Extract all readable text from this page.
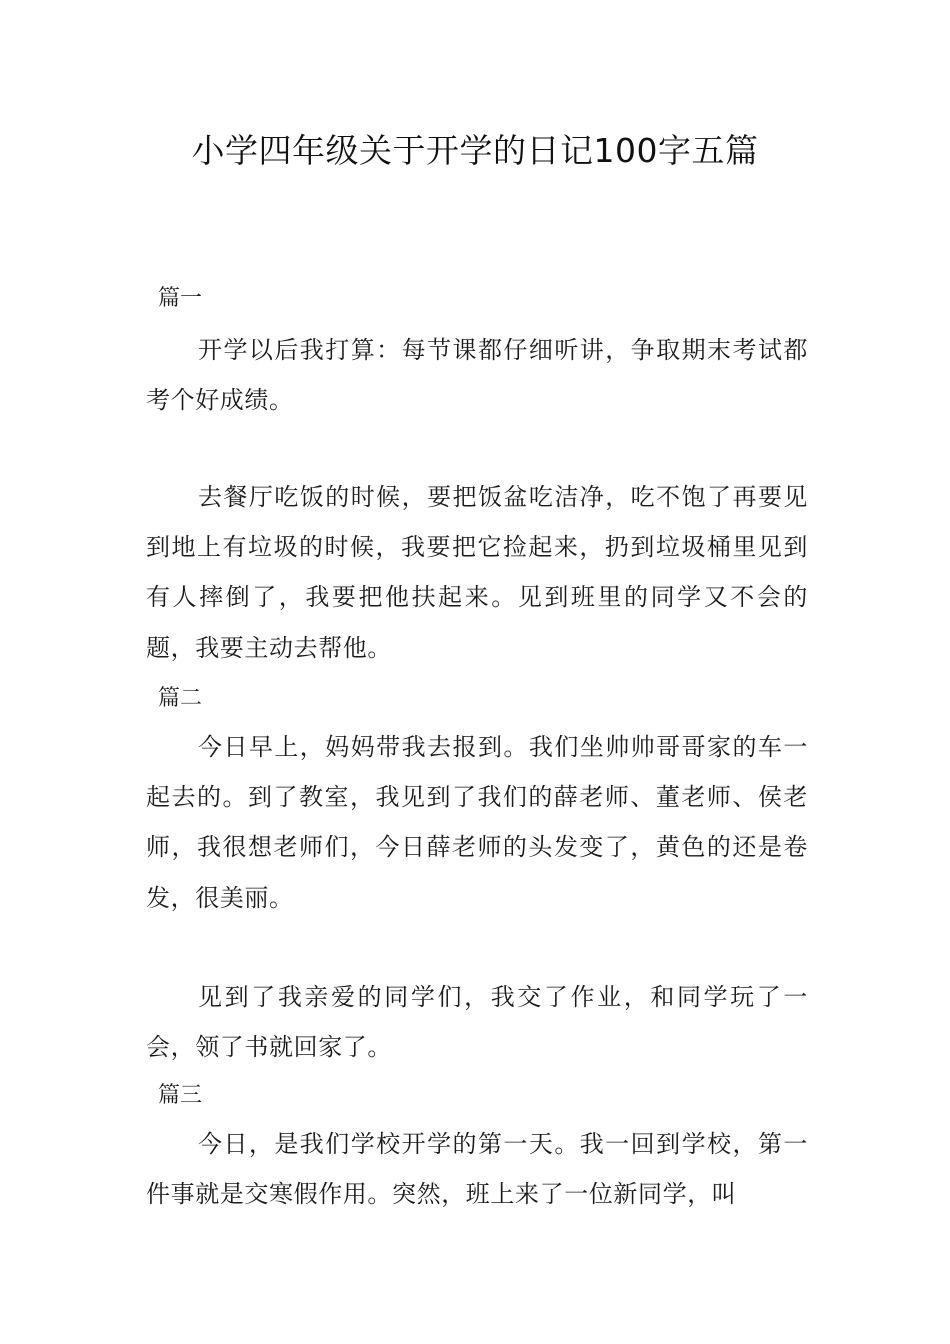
小学四年级关于开学的日记100字五篇
篇一

开学以后我打算：每节课都仔细听讲，争取期末考试都考个好成绩。

去餐厅吃饭的时候，要把饭盆吃洁净，吃不饱了再要见到地上有垃圾的时候，我要把它捡起来，扔到垃圾桶里见到有人摔倒了，我要把他扶起来。见到班里的同学又不会的题，我要主动去帮他。

篇二

今日早上，妈妈带我去报到。我们坐帅帅哥哥家的车一起去的。到了教室，我见到了我们的薛老师、董老师、侯老师，我很想老师们，今日薛老师的头发变了，黄色的还是卷发，很美丽。

见到了我亲爱的同学们，我交了作业，和同学玩了一会，领了书就回家了。

篇三

今日，是我们学校开学的第一天。我一回到学校，第一件事就是交寒假作用。突然，班上来了一位新同学，叫
